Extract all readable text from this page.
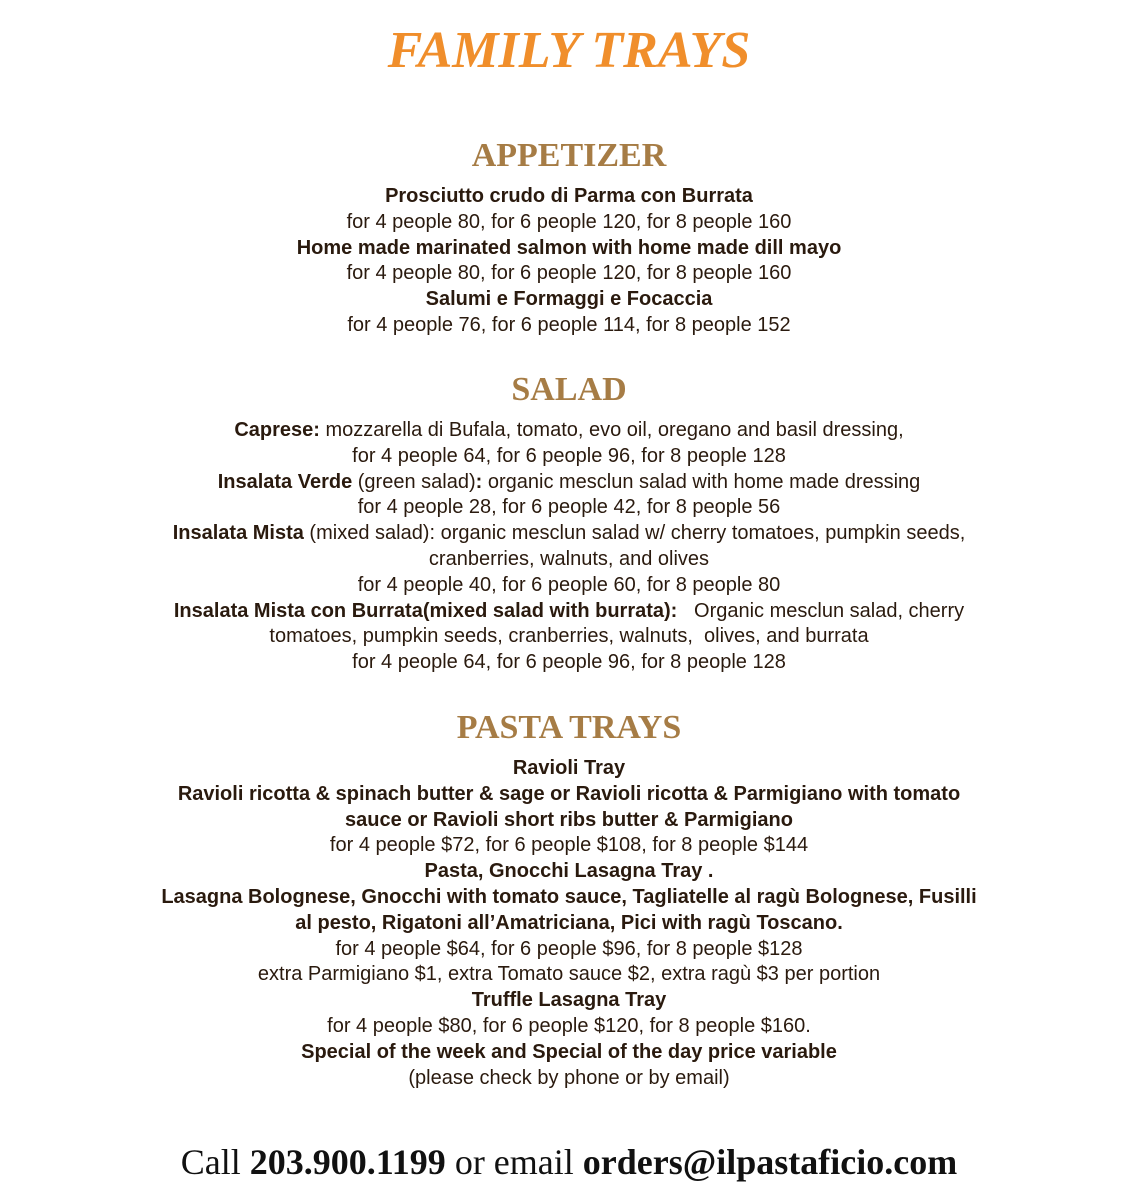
FAMILY TRAYS
APPETIZER
Prosciutto crudo di Parma con Burrata
for 4 people 80, for 6 people 120, for 8 people 160
Home made marinated salmon with home made dill mayo
for 4 people 80, for 6 people 120, for 8 people 160
Salumi e Formaggi e Focaccia
for 4 people 76, for 6 people 114, for 8 people 152
SALAD
Caprese: mozzarella di Bufala, tomato, evo oil, oregano and basil dressing,
for 4 people 64, for 6 people 96, for 8 people 128
Insalata Verde (green salad): organic mesclun salad with home made dressing
for 4 people 28, for 6 people 42, for 8 people 56
Insalata Mista (mixed salad): organic mesclun salad w/ cherry tomatoes, pumpkin seeds,
cranberries, walnuts, and olives
for 4 people 40, for 6 people 60, for 8 people 80
Insalata Mista con Burrata(mixed salad with burrata):   Organic mesclun salad, cherry
tomatoes, pumpkin seeds, cranberries, walnuts,  olives, and burrata
for 4 people 64, for 6 people 96, for 8 people 128
PASTA TRAYS
Ravioli Tray
Ravioli ricotta & spinach butter & sage or Ravioli ricotta & Parmigiano with tomato
sauce or Ravioli short ribs butter & Parmigiano
for 4 people $72, for 6 people $108, for 8 people $144
Pasta, Gnocchi Lasagna Tray .
Lasagna Bolognese, Gnocchi with tomato sauce, Tagliatelle al ragù Bolognese, Fusilli
al pesto, Rigatoni all’Amatriciana, Pici with ragù Toscano.
for 4 people $64, for 6 people $96, for 8 people $128
extra Parmigiano $1, extra Tomato sauce $2, extra ragù $3 per portion
Truffle Lasagna Tray
for 4 people $80, for 6 people $120, for 8 people $160.
Special of the week and Special of the day price variable
(please check by phone or by email)
Call 203.900.1199 or email orders@ilpastaficio.com
